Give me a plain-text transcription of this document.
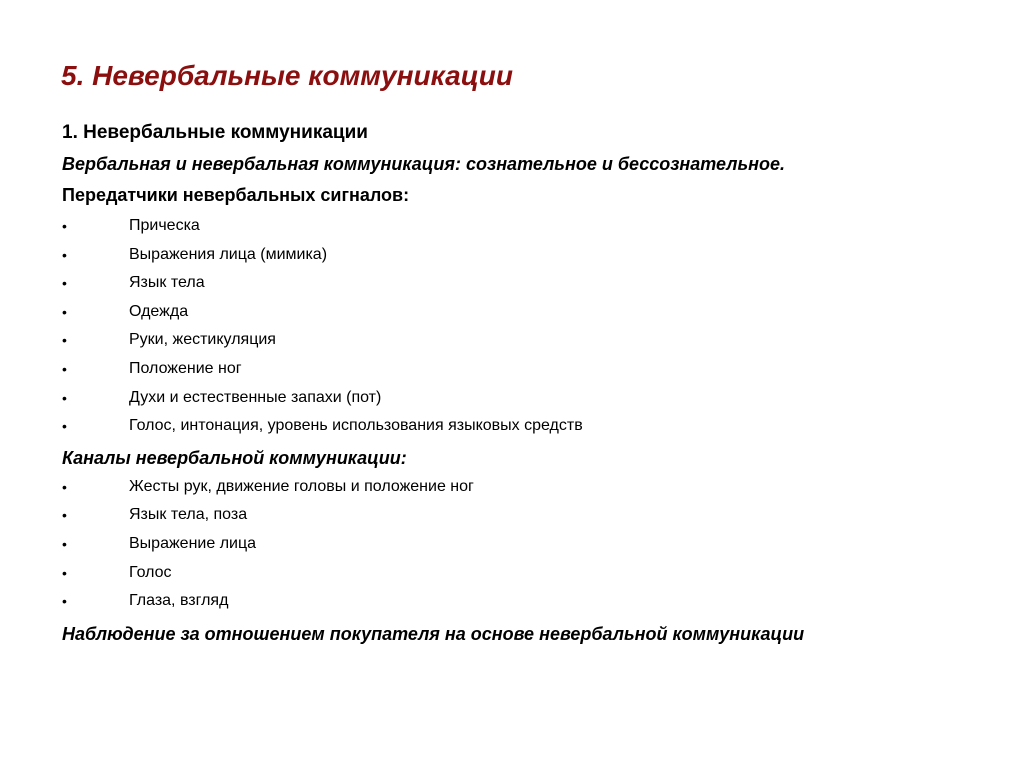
5. Невербальные коммуникации
1. Невербальные коммуникации
Вербальная и невербальная коммуникация: сознательное и бессознательное.
Передатчики невербальных сигналов:
•	Прическа
•	Выражения лица (мимика)
•	Язык тела
•	Одежда
•	Руки, жестикуляция
•	Положение ног
•	Духи и естественные запахи (пот)
•	Голос, интонация, уровень использования языковых средств
Каналы невербальной коммуникации:
•	Жесты рук, движение головы и положение ног
•	Язык тела, поза
•	Выражение лица
•	Голос
•	Глаза, взгляд
Наблюдение за отношением покупателя на основе невербальной коммуникации
